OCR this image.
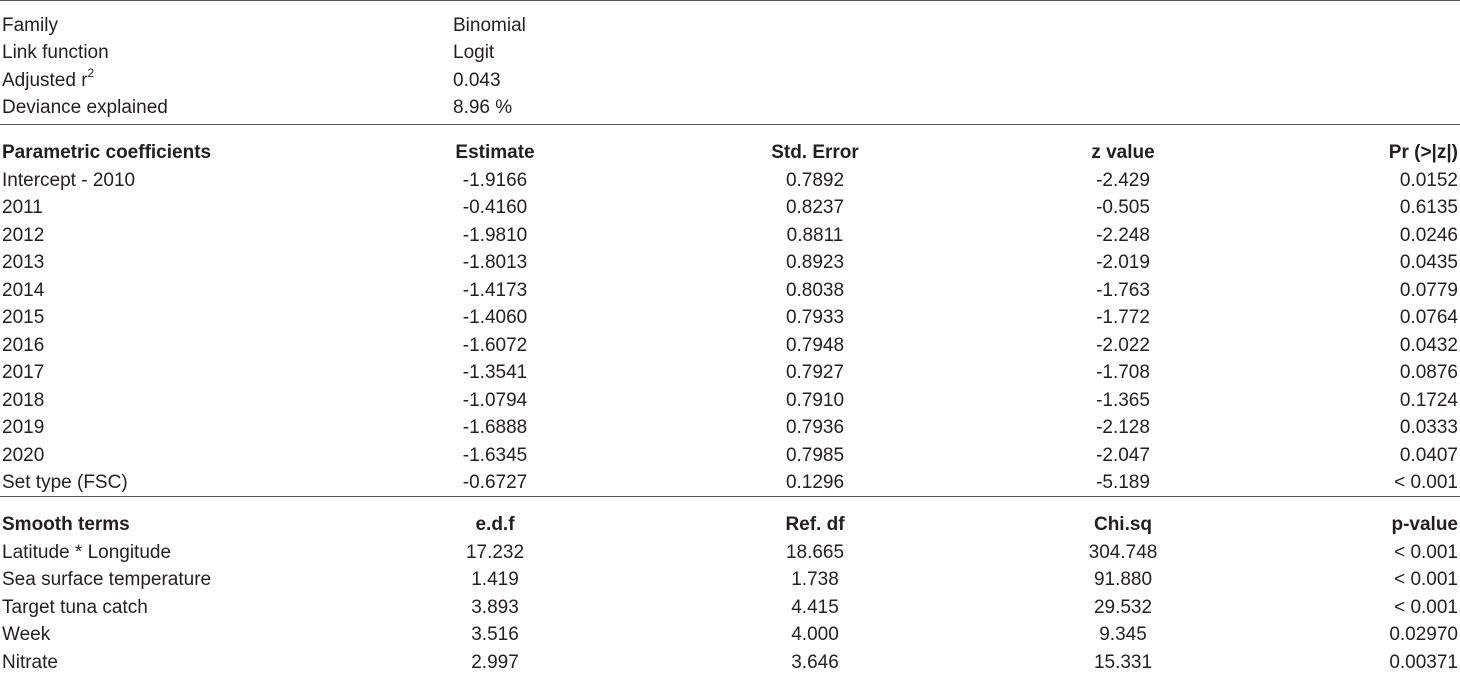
Family	Binomial
Link function	Logit
Adjusted $r^2$	0.043
Deviance explained	8.96 %
Parametric coefficients	Estimate	Std. Error	z value	Pr (>|z|)
Intercept - 2010	-1.9166	0.7892	-2.429	0.0152
2011	-0.4160	0.8237	-0.505	0.6135
2012	-1.9810	0.8811	-2.248	0.0246
2013	-1.8013	0.8923	-2.019	0.0435
2014	-1.4173	0.8038	-1.763	0.0779
2015	-1.4060	0.7933	-1.772	0.0764
2016	-1.6072	0.7948	-2.022	0.0432
2017	-1.3541	0.7927	-1.708	0.0876
2018	-1.0794	0.7910	-1.365	0.1724
2019	-1.6888	0.7936	-2.128	0.0333
2020	-1.6345	0.7985	-2.047	0.0407
Set type (FSC)	-0.6727	0.1296	-5.189	< 0.001
Smooth terms	e.d.f	Ref. df	Chi.sq	p-value
Latitude * Longitude	17.232	18.665	304.748	< 0.001
Sea surface temperature	1.419	1.738	91.880	< 0.001
Target tuna catch	3.893	4.415	29.532	< 0.001
Week	3.516	4.000	9.345	0.02970
Nitrate	2.997	3.646	15.331	0.00371
